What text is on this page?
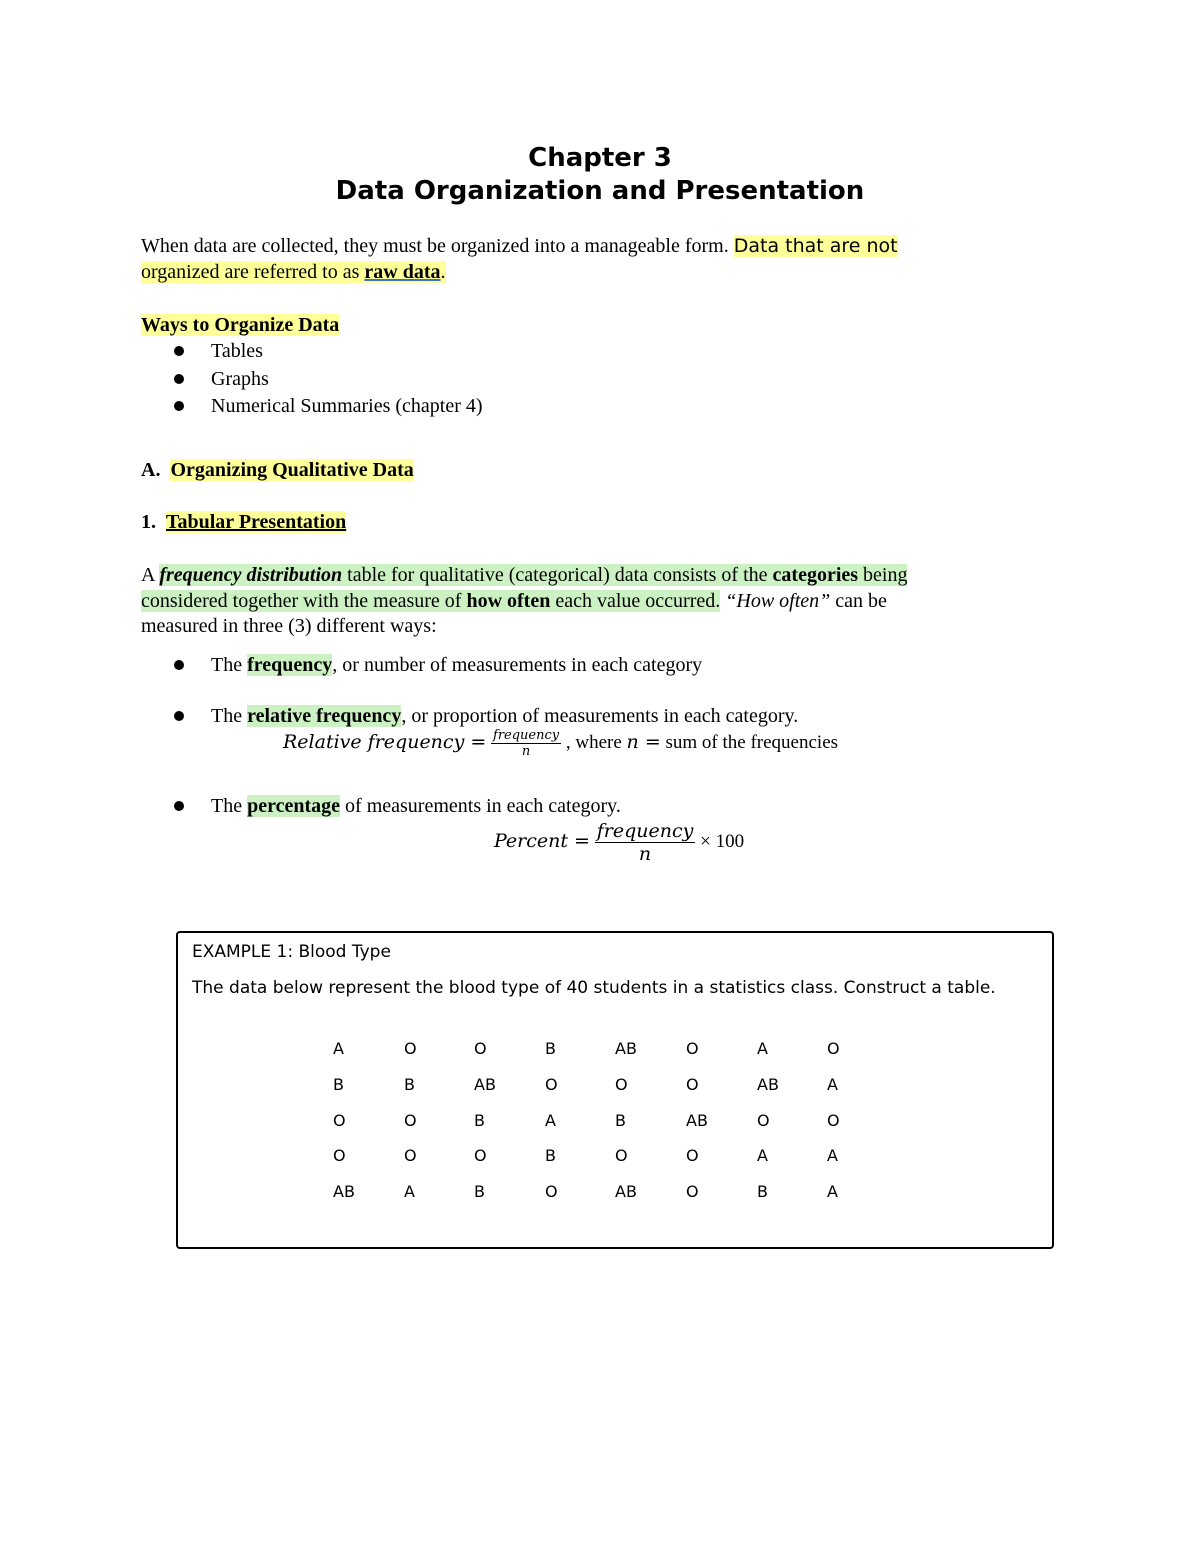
Chapter 3
Data Organization and Presentation
When data are collected, they must be organized into a manageable form. Data that are not
organized are referred to as raw data.
Ways to Organize Data
Tables
Graphs
Numerical Summaries (chapter 4)
A. Organizing Qualitative Data
1. Tabular Presentation
A frequency distribution table for qualitative (categorical) data consists of the categories being
considered together with the measure of how often each value occurred. “How often” can be
measured in three (3) different ways:
The frequency, or number of measurements in each category
The relative frequency, or proportion of measurements in each category.
Relative frequency = $\frac{\text{frequency}}{n}$ , where n = sum of the frequencies
The percentage of measurements in each category.
Percent = $\frac{\text{frequency}}{n} \times 100$
EXAMPLE 1: Blood Type
The data below represent the blood type of 40 students in a statistics class. Construct a table.
A	O	O	B	AB	O	A	O
B	B	AB	O	O	O	AB	A
O	O	B	A	B	AB	O	O
O	O	O	B	O	O	A	A
AB	A	B	O	AB	O	B	A
